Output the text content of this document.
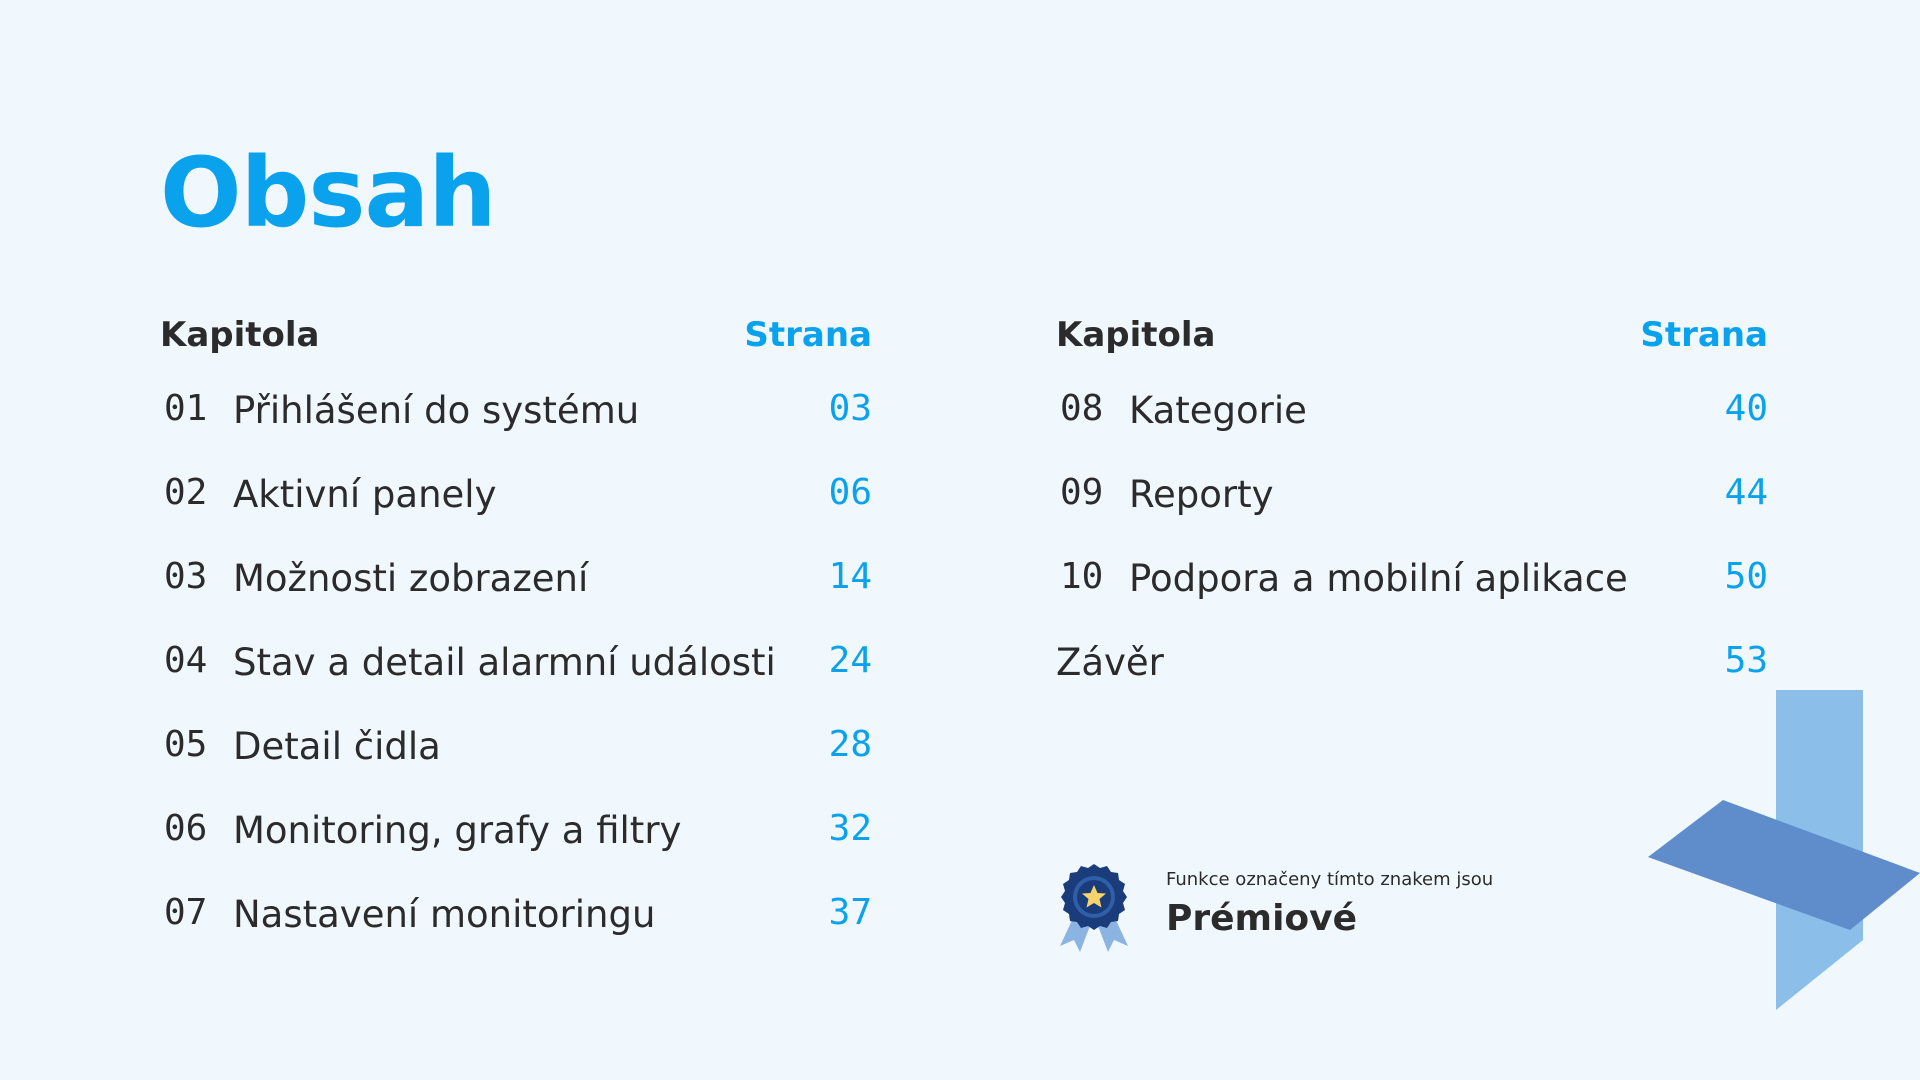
Obsah
Kapitola	Strana
01 Přihlášení do systému	03
02 Aktivní panely	06
03 Možnosti zobrazení	14
04 Stav a detail alarmní události 24
05 Detail čidla	28
06 Monitoring, grafy a filtry	32
07 Nastavení monitoringu	37
Kapitola	Strana
08 Kategorie	40
09 Reporty	44
10 Podpora a mobilní aplikace	50
Závěr	53
Funkce označeny tímto znakem jsou
Prémiové
